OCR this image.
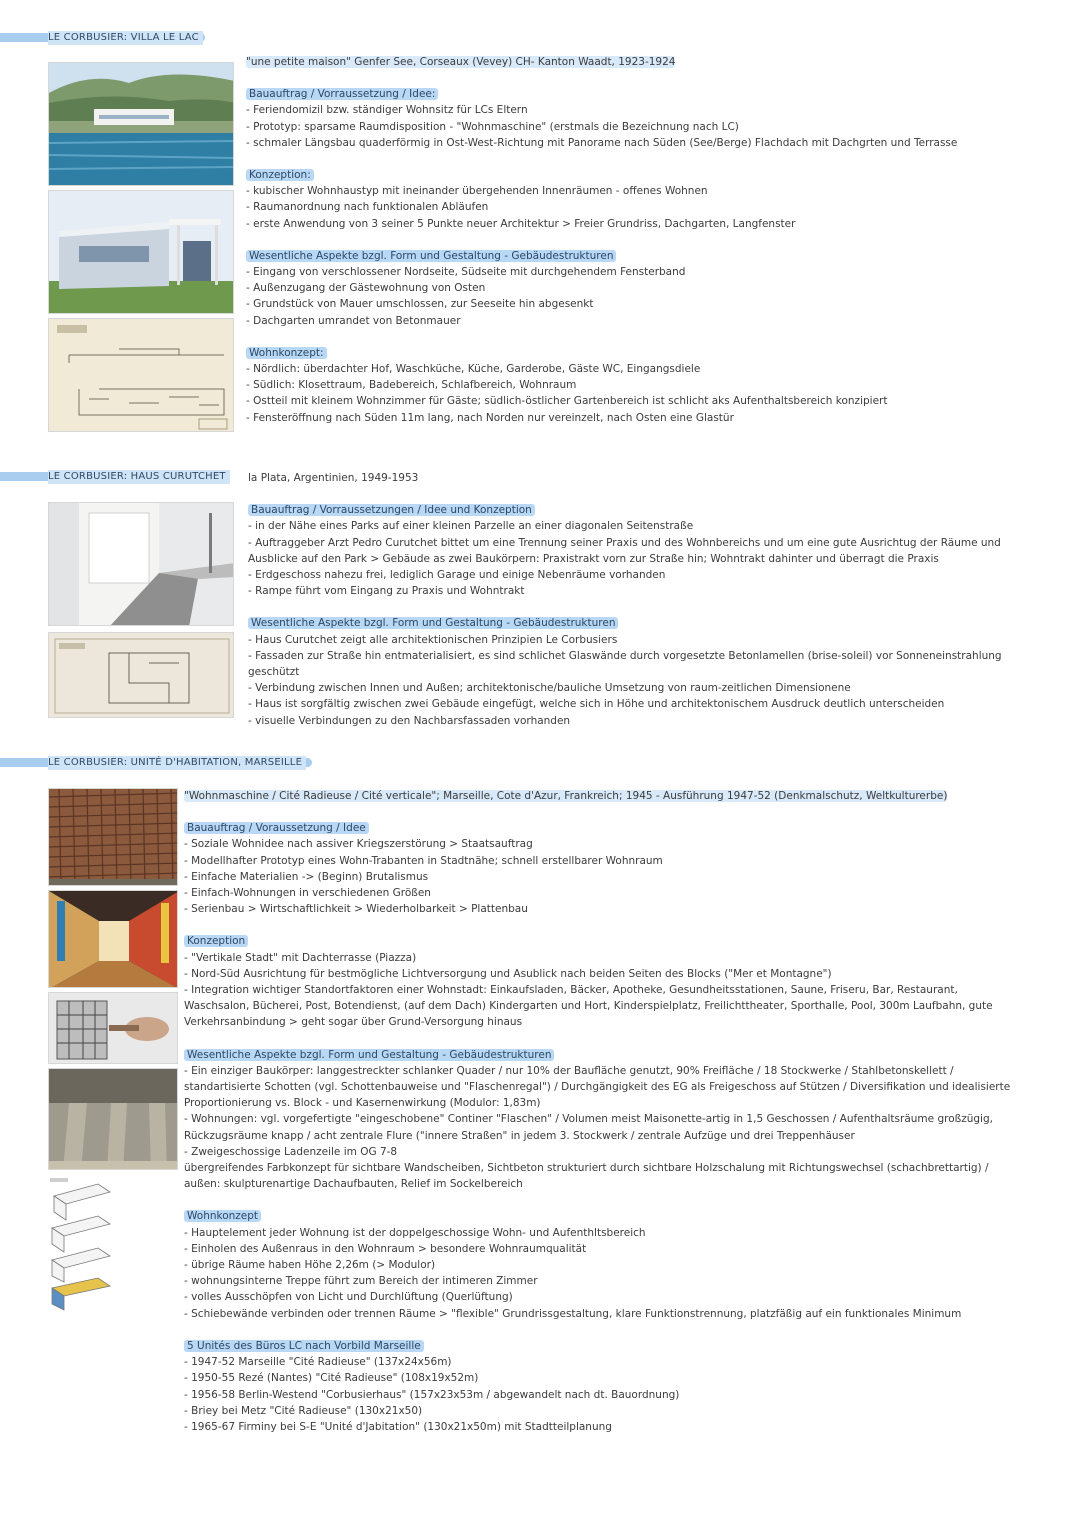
LE CORBUSIER: VILLA LE LAC

"une petite maison" Genfer See, Corseaux (Vevey) CH- Kanton Waadt, 1923-1924

Bauauftrag / Vorraussetzung / Idee:

- Feriendomizil bzw. ständiger Wohnsitz für LCs Eltern

- Prototyp: sparsame Raumdisposition - "Wohnmaschine" (erstmals die Bezeichnung nach LC)

- schmaler Längsbau quaderförmig in Ost-West-Richtung mit Panorame nach Süden (See/Berge) Flachdach mit Dachgrten und Terrasse

Konzeption:

- kubischer Wohnhaustyp mit ineinander übergehenden Innenräumen - offenes Wohnen

- Raumanordnung nach funktionalen Abläufen

- erste Anwendung von 3 seiner 5 Punkte neuer Architektur > Freier Grundriss, Dachgarten, Langfenster

Wesentliche Aspekte bzgl. Form und Gestaltung - Gebäudestrukturen

- Eingang von verschlossener Nordseite, Südseite mit durchgehendem Fensterband

- Außenzugang der Gästewohnung von Osten

- Grundstück von Mauer umschlossen, zur Seeseite hin abgesenkt

- Dachgarten umrandet von Betonmauer

Wohnkonzept:

- Nördlich: überdachter Hof, Waschküche, Küche, Garderobe, Gäste WC, Eingangsdiele

- Südlich: Klosettraum, Badebereich, Schlafbereich, Wohnraum

- Ostteil mit kleinem Wohnzimmer für Gäste; südlich-östlicher Gartenbereich ist schlicht aks Aufenthaltsbereich konzipiert

- Fensteröffnung nach Süden 11m lang, nach Norden nur vereinzelt, nach Osten eine Glastür

LE CORBUSIER: HAUS CURUTCHET	la Plata, Argentinien, 1949-1953

Bauauftrag / Vorraussetzungen / Idee und Konzeption

- in der Nähe eines Parks auf einer kleinen Parzelle an einer diagonalen Seitenstraße

- Auftraggeber Arzt Pedro Curutchet bittet um eine Trennung seiner Praxis und des Wohnbereichs und um eine gute Ausrichtug der Räume und Ausblicke auf den Park > Gebäude as zwei Baukörpern: Praxistrakt vorn zur Straße hin; Wohntrakt dahinter und überragt die Praxis

- Erdgeschoss nahezu frei, lediglich Garage und einige Nebenräume vorhanden

- Rampe führt vom Eingang zu Praxis und Wohntrakt

Wesentliche Aspekte bzgl. Form und Gestaltung - Gebäudestrukturen

- Haus Curutchet zeigt alle architektionischen Prinzipien Le Corbusiers

- Fassaden zur Straße hin entmaterialisiert, es sind schlichet Glaswände durch vorgesetzte Betonlamellen (brise-soleil) vor Sonneneinstrahlung geschützt

- Verbindung zwischen Innen und Außen; architektonische/bauliche Umsetzung von raum-zeitlichen Dimensionene

- Haus ist sorgfältig zwischen zwei Gebäude eingefügt, welche sich in Höhe und architektonischem Ausdruck deutlich unterscheiden

- visuelle Verbindungen zu den Nachbarsfassaden vorhanden

LE CORBUSIER: UNITÉ D'HABITATION, MARSEILLE

"Wohnmaschine / Cité Radieuse / Cité verticale"; Marseille, Cote d'Azur, Frankreich; 1945 - Ausführung 1947-52 (Denkmalschutz, Weltkulturerbe)

Bauauftrag / Voraussetzung / Idee

- Soziale Wohnidee nach assiver Kriegszerstörung > Staatsauftrag

- Modellhafter Prototyp eines Wohn-Trabanten in Stadtnähe; schnell erstellbarer Wohnraum

- Einfache Materialien -> (Beginn) Brutalismus

- Einfach-Wohnungen in verschiedenen Größen

- Serienbau > Wirtschaftlichkeit > Wiederholbarkeit > Plattenbau

Konzeption

- "Vertikale Stadt" mit Dachterrasse (Piazza)

- Nord-Süd Ausrichtung für bestmögliche Lichtversorgung und Asublick nach beiden Seiten des Blocks ("Mer et Montagne")

- Integration wichtiger Standortfaktoren einer Wohnstadt: Einkaufsladen, Bäcker, Apotheke, Gesundheitsstationen, Saune, Friseru, Bar, Restaurant, Waschsalon, Bücherei, Post, Botendienst, (auf dem Dach) Kindergarten und Hort, Kinderspielplatz, Freilichttheater, Sporthalle, Pool, 300m Laufbahn, gute Verkehrsanbindung > geht sogar über Grund-Versorgung hinaus

Wesentliche Aspekte bzgl. Form und Gestaltung - Gebäudestrukturen

- Ein einziger Baukörper: langgestreckter schlanker Quader / nur 10% der Baufläche genutzt, 90% Freifläche / 18 Stockwerke / Stahlbetonskellett / standartisierte Schotten (vgl. Schottenbauweise und "Flaschenregal") / Durchgängigkeit des EG als Freigeschoss auf Stützen / Diversifikation und idealisierte Proportionierung vs. Block - und Kasernenwirkung (Modulor: 1,83m)

- Wohnungen: vgl. vorgefertigte "eingeschobene" Continer "Flaschen" / Volumen meist Maisonette-artig in 1,5 Geschossen / Aufenthaltsräume großzügig, Rückzugsräume knapp / acht zentrale Flure ("innere Straßen" in jedem 3. Stockwerk / zentrale Aufzüge und drei Treppenhäuser

- Zweigeschossige Ladenzeile im OG 7-8

übergreifendes Farbkonzept für sichtbare Wandscheiben, Sichtbeton strukturiert durch sichtbare Holzschalung mit Richtungswechsel (schachbrettartig) / außen: skulpturenartige Dachaufbauten, Relief im Sockelbereich

Wohnkonzept

- Hauptelement jeder Wohnung ist der doppelgeschossige Wohn- und Aufenthltsbereich

- Einholen des Außenraus in den Wohnraum > besondere Wohnraumqualität

- übrige Räume haben Höhe 2,26m (> Modulor)

- wohnungsinterne Treppe führt zum Bereich der intimeren Zimmer

- volles Ausschöpfen von Licht und Durchlüftung (Querlüftung)

- Schiebewände verbinden oder trennen Räume > "flexible" Grundrissgestaltung, klare Funktionstrennung, platzfäßig auf ein funktionales Minimum

5 Unités des Büros LC nach Vorbild Marseille

- 1947-52 Marseille "Cité Radieuse" (137x24x56m)

- 1950-55 Rezé (Nantes) "Cité Radieuse" (108x19x52m)

- 1956-58 Berlin-Westend "Corbusierhaus" (157x23x53m / abgewandelt nach dt. Bauordnung)

- Briey bei Metz "Cité Radieuse" (130x21x50)

- 1965-67 Firminy bei S-E "Unité d'Jabitation" (130x21x50m) mit Stadtteilplanung
